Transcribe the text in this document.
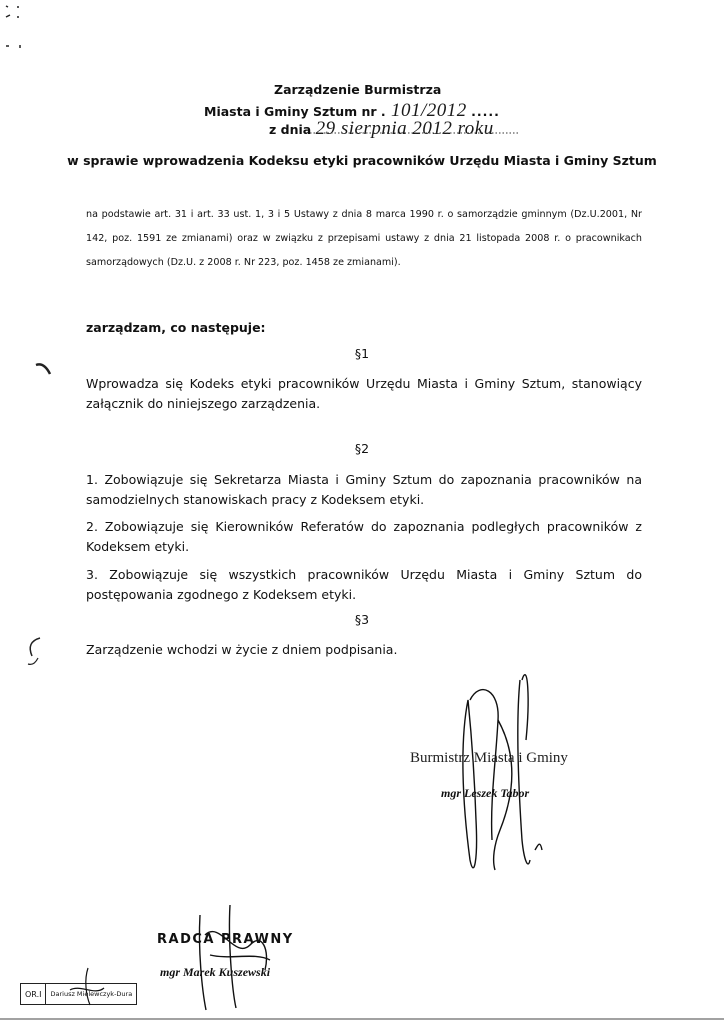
Zarządzenie Burmistrza
Miasta i Gminy Sztum nr . 101/2012 .....
z dnia 29 sierpnia 2012 roku
w sprawie wprowadzenia Kodeksu etyki pracowników Urzędu Miasta i Gminy Sztum
na podstawie art. 31 i art. 33 ust. 1, 3 i 5 Ustawy z dnia 8 marca 1990 r. o samorządzie gminnym (Dz.U.2001, Nr 142, poz. 1591 ze zmianami) oraz w związku z przepisami ustawy z dnia 21 listopada 2008 r. o pracownikach samorządowych (Dz.U. z 2008 r. Nr 223, poz. 1458 ze zmianami).
zarządzam, co następuje:
§1
Wprowadza się Kodeks etyki pracowników Urzędu Miasta i Gminy Sztum, stanowiący załącznik do niniejszego zarządzenia.
§2
1. Zobowiązuje się Sekretarza Miasta i Gminy Sztum do zapoznania pracowników na samodzielnych stanowiskach pracy z Kodeksem etyki.
2. Zobowiązuje się Kierowników Referatów do zapoznania podległych pracowników z Kodeksem etyki.
3. Zobowiązuje się wszystkich pracowników Urzędu Miasta i Gminy Sztum do postępowania zgodnego z Kodeksem etyki.
§3
Zarządzenie wchodzi w życie z dniem podpisania.
Burmistrz Miasta i Gminy
mgr Leszek Tabor
RADCA PRAWNY
mgr Marek Kuszewski
OR.I	Dariusz Mielewczyk-Dura
